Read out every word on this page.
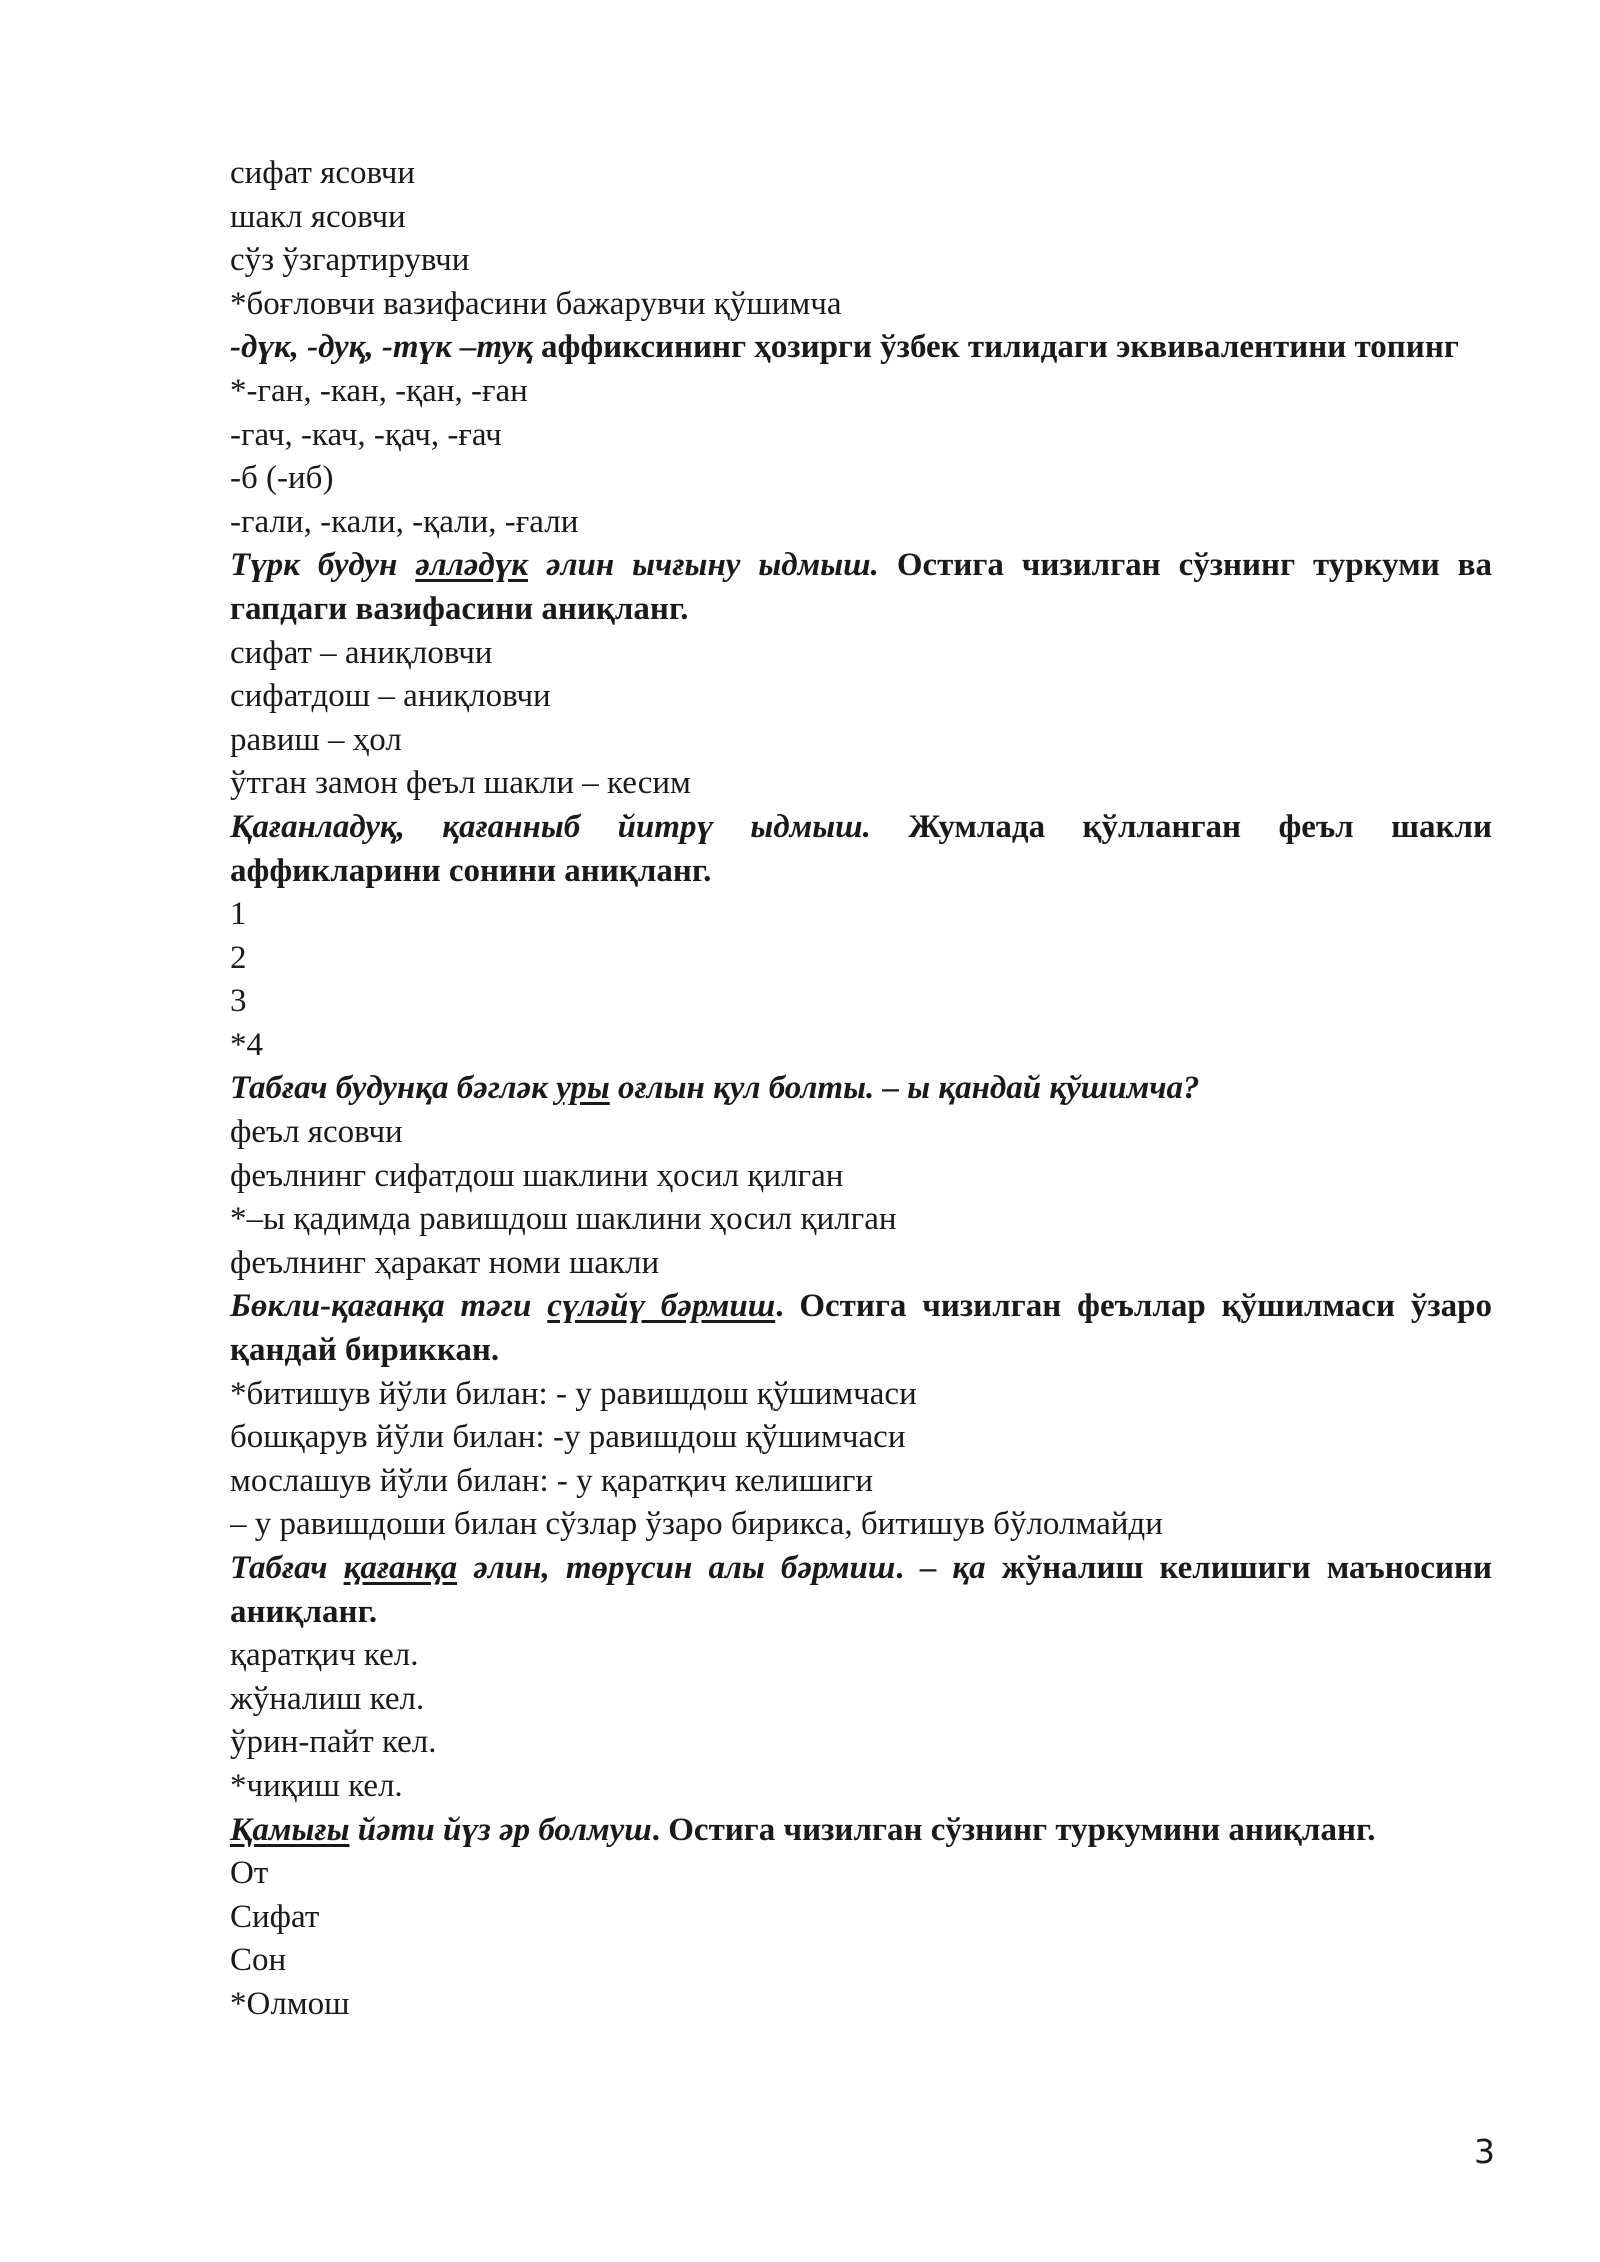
сифат ясовчи
шакл ясовчи
сўз ўзгартирувчи
*боғловчи вазифасини бажарувчи қўшимча
-дүк, -дуқ, -түк –туқ аффиксининг ҳозирги ўзбек тилидаги эквивалентини топинг
*-ган, -кан, -қан, -ған
-гач, -кач, -қач, -ғач
-б (-иб)
-гали, -кали, -қали, -ғали
Түрк будун әлләдүк әлин ычғыну ыдмыш. Остига чизилган сўзнинг туркуми ва гапдаги вазифасини аниқланг.
сифат – аниқловчи
сифатдош – аниқловчи
равиш – ҳол
ўтган замон феъл шакли – кесим
Қағанладуқ, қағанныб йитрү ыдмыш. Жумлада қўлланган феъл шакли аффикларини сонини аниқланг.
1
2
3
*4
Табғач будунқа бәгләк уры оғлын қул болты. – ы қандай қўшимча?
феъл ясовчи
феълнинг сифатдош шаклини ҳосил қилган
*–ы қадимда равишдош шаклини ҳосил қилган
феълнинг ҳаракат номи шакли
Бөкли-қағанқа тәги сүләйү бәрмиш. Остига чизилган феъллар қўшилмаси ўзаро қандай бириккан.
*битишув йўли билан: - у равишдош қўшимчаси
бошқарув йўли билан: -у равишдош қўшимчаси
мослашув йўли билан: - у қаратқич келишиги
– у равишдоши билан сўзлар ўзаро бирикса, битишув бўлолмайди
Табғач қағанқа әлин, төрүсин алы бәрмиш. – қа жўналиш келишиги маъносини аниқланг.
қаратқич кел.
жўналиш кел.
ўрин-пайт кел.
*чиқиш кел.
Қамығы йәти йүз әр болмуш. Остига чизилган сўзнинг туркумини аниқланг.
От
Сифат
Сон
*Олмош
3
